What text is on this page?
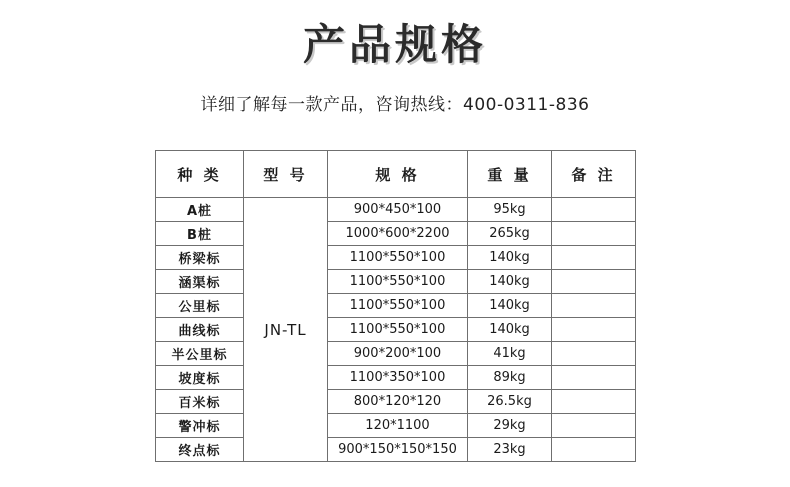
产品规格
详细了解每一款产品，咨询热线：400-0311-836
种 类	型 号	规 格	重 量	备 注
A桩	JN-TL	900*450*100	95kg	
B桩		1000*600*2200	265kg	
桥梁标		1100*550*100	140kg	
涵渠标		1100*550*100	140kg	
公里标		1100*550*100	140kg	
曲线标		1100*550*100	140kg	
半公里标		900*200*100	41kg	
坡度标		1100*350*100	89kg	
百米标		800*120*120	26.5kg	
警冲标		120*1100	29kg	
终点标		900*150*150*150	23kg	
